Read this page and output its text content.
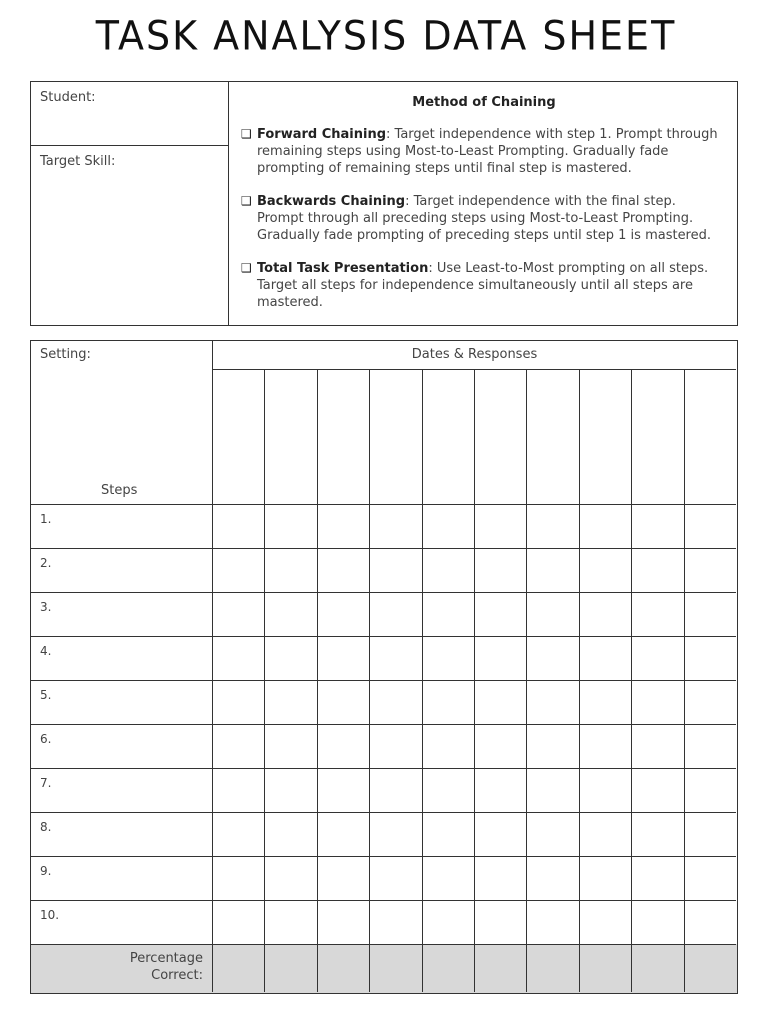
TASK ANALYSIS DATA SHEET
Student:
Target Skill:
Method of Chaining
❑ Forward Chaining: Target independence with step 1. Prompt through remaining steps using Most-to-Least Prompting. Gradually fade prompting of remaining steps until final step is mastered.
❑ Backwards Chaining: Target independence with the final step. Prompt through all preceding steps using Most-to-Least Prompting. Gradually fade prompting of preceding steps until step 1 is mastered.
❑ Total Task Presentation: Use Least-to-Most prompting on all steps. Target all steps for independence simultaneously until all steps are mastered.
Setting:	Dates & Responses
Steps
Percentage
Correct:
1.
2.
3.
4.
5.
6.
7.
8.
9.
10.
